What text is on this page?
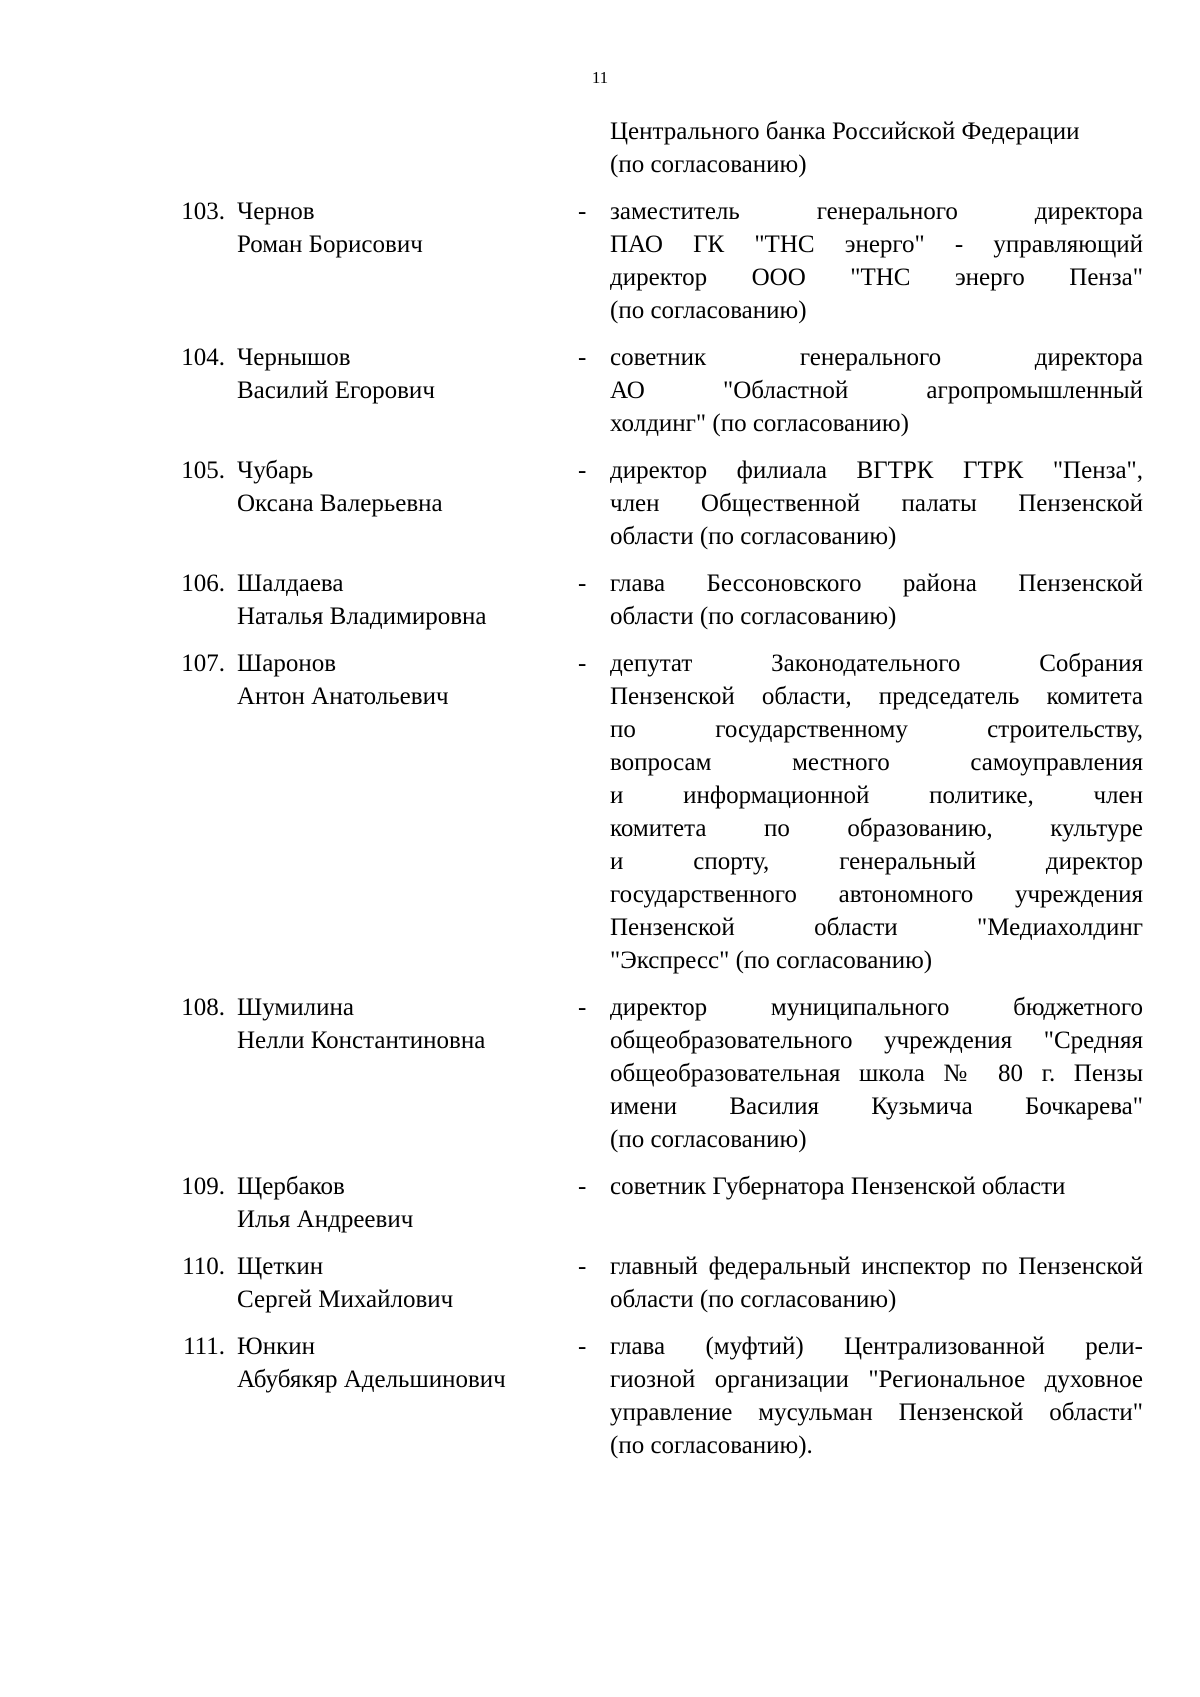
11
Центрального банка Российской Федерации
(по согласованию)
103. Чернов
Роман Борисович
- заместитель генерального директора
ПАО ГК "ТНС энерго" - управляющий
директор ООО "ТНС энерго Пенза"
(по согласованию)
104. Чернышов
Василий Егорович
- советник генерального директора
АО "Областной агропромышленный
холдинг" (по согласованию)
105. Чубарь
Оксана Валерьевна
- директор филиала ВГТРК ГТРК "Пенза",
член Общественной палаты Пензенской
области (по согласованию)
106. Шалдаева
Наталья Владимировна
- глава Бессоновского района Пензенской
области (по согласованию)
107. Шаронов
Антон Анатольевич
- депутат Законодательного Собрания
Пензенской области, председатель комитета
по государственному строительству,
вопросам местного самоуправления
и информационной политике, член
комитета по образованию, культуре
и спорту, генеральный директор
государственного автономного учреждения
Пензенской области "Медиахолдинг
"Экспресс" (по согласованию)
108. Шумилина
Нелли Константиновна
- директор муниципального бюджетного
общеобразовательного учреждения "Средняя
общеобразовательная школа № 80 г. Пензы
имени Василия Кузьмича Бочкарева"
(по согласованию)
109. Щербаков
Илья Андреевич
- советник Губернатора Пензенской области

110. Щеткин
Сергей Михайлович
- главный федеральный инспектор по Пензенской
области (по согласованию)
111. Юнкин
Абубякяр Адельшинович
- глава (муфтий) Централизованной рели-
гиозной организации "Региональное духовное
управление мусульман Пензенской области"
(по согласованию).
